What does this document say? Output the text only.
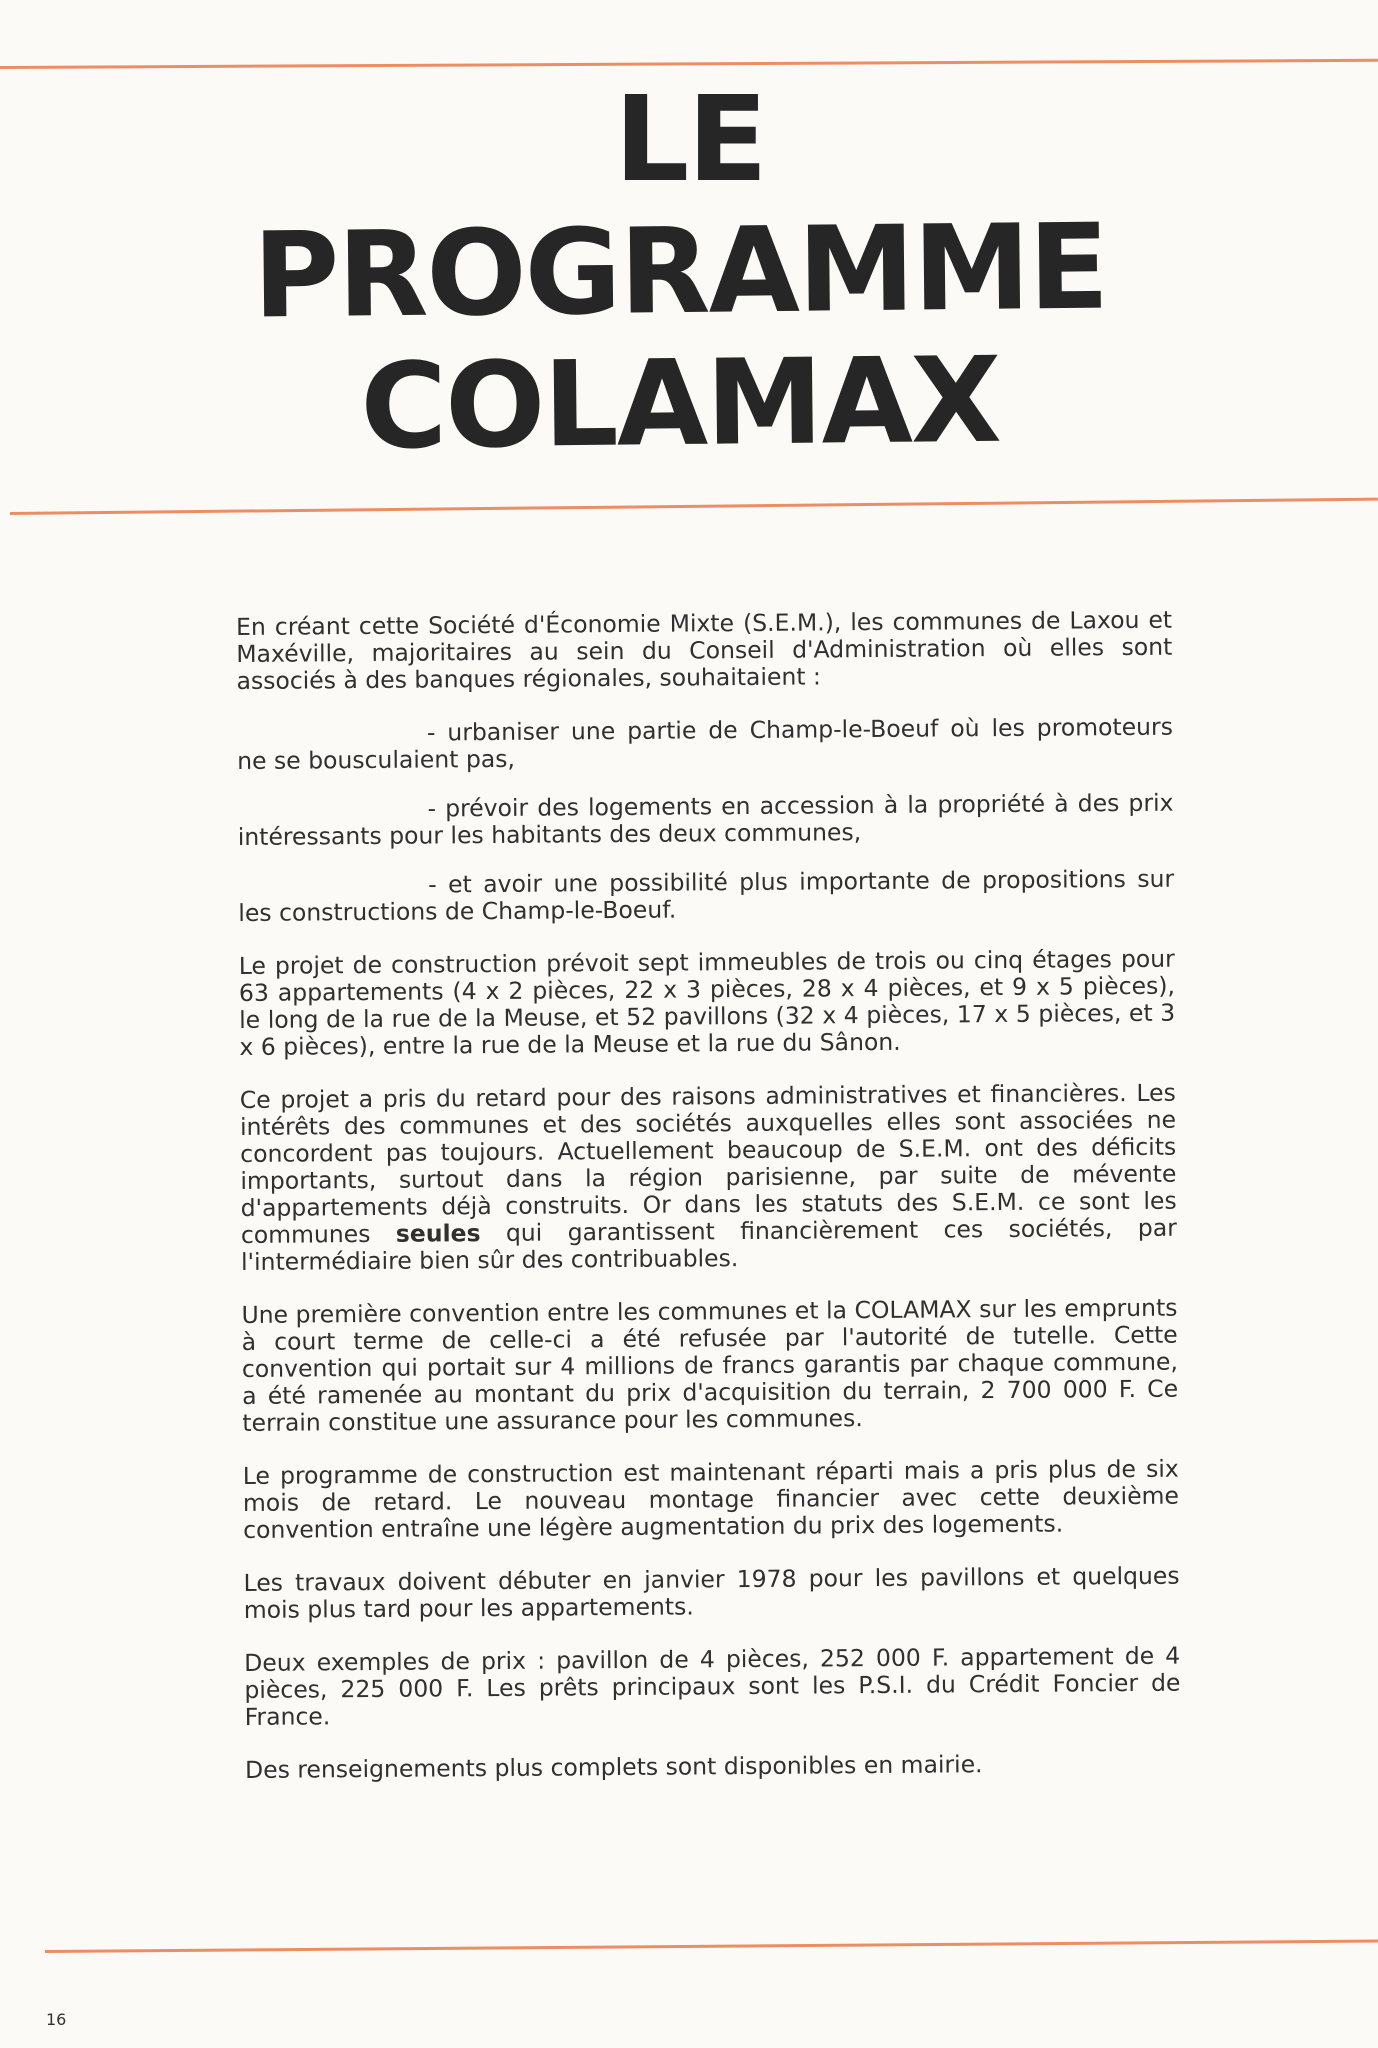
LE
PROGRAMME
COLAMAX

En créant cette Société d'Économie Mixte (S.E.M.), les communes de Laxou et Maxéville, majoritaires au sein du Conseil d'Administration où elles sont associés à des banques régionales, souhaitaient :

- urbaniser une partie de Champ-le-Boeuf où les promoteurs ne se bousculaient pas,

- prévoir des logements en accession à la propriété à des prix intéressants pour les habitants des deux communes,

- et avoir une possibilité plus importante de propositions sur les constructions de Champ-le-Boeuf.

Le projet de construction prévoit sept immeubles de trois ou cinq étages pour 63 appartements (4 x 2 pièces, 22 x 3 pièces, 28 x 4 pièces, et 9 x 5 pièces), le long de la rue de la Meuse, et 52 pavillons (32 x 4 pièces, 17 x 5 pièces, et 3 x 6 pièces), entre la rue de la Meuse et la rue du Sânon.

Ce projet a pris du retard pour des raisons administratives et financières. Les intérêts des communes et des sociétés auxquelles elles sont associées ne concordent pas toujours. Actuellement beaucoup de S.E.M. ont des déficits importants, surtout dans la région parisienne, par suite de mévente d'appartements déjà construits. Or dans les statuts des S.E.M. ce sont les communes seules qui garantissent financièrement ces sociétés, par l'intermédiaire bien sûr des contribuables.

Une première convention entre les communes et la COLAMAX sur les emprunts à court terme de celle-ci a été refusée par l'autorité de tutelle. Cette convention qui portait sur 4 millions de francs garantis par chaque commune, a été ramenée au montant du prix d'acquisition du terrain, 2 700 000 F. Ce terrain constitue une assurance pour les communes.

Le programme de construction est maintenant réparti mais a pris plus de six mois de retard. Le nouveau montage financier avec cette deuxième convention entraîne une légère augmentation du prix des logements.

Les travaux doivent débuter en janvier 1978 pour les pavillons et quelques mois plus tard pour les appartements.

Deux exemples de prix : pavillon de 4 pièces, 252 000 F. appartement de 4 pièces, 225 000 F. Les prêts principaux sont les P.S.I. du Crédit Foncier de France.

Des renseignements plus complets sont disponibles en mairie.

16
